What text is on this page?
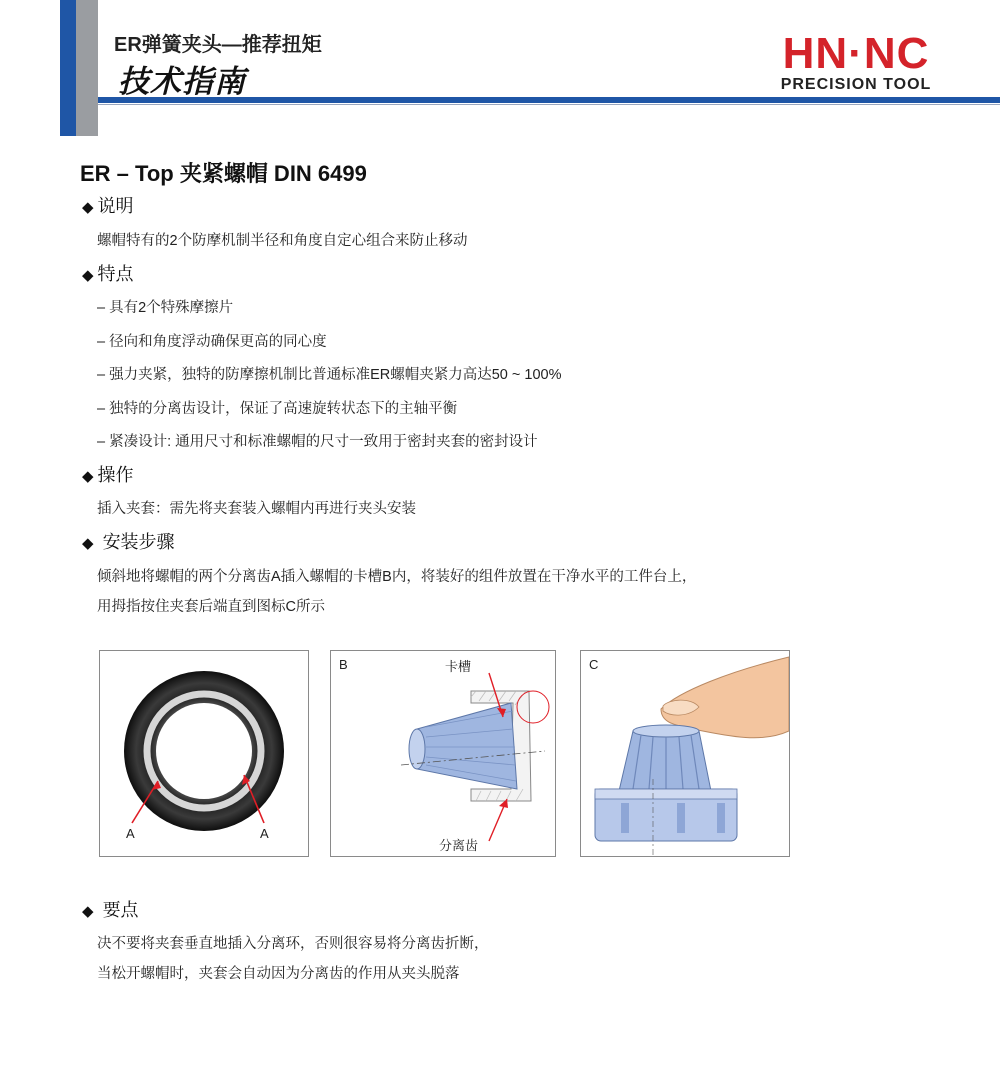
ER弹簧夹头—推荐扭矩
技术指南
HN·NC
PRECISION TOOL
ER – Top 夹紧螺帽 DIN 6499
◆ 说明
螺帽特有的2个防摩机制半径和角度自定心组合来防止移动
◆ 特点
– 具有2个特殊摩擦片
– 径向和角度浮动确保更高的同心度
– 强力夹紧，独特的防摩擦机制比普通标准ER螺帽夹紧力高达50 ~ 100%
– 独特的分离齿设计，保证了高速旋转状态下的主轴平衡
– 紧凑设计: 通用尺寸和标准螺帽的尺寸一致用于密封夹套的密封设计
◆ 操作
插入夹套：需先将夹套装入螺帽内再进行夹头安装
◆ 安装步骤
倾斜地将螺帽的两个分离齿A插入螺帽的卡槽B内，将装好的组件放置在干净水平的工件台上，
用拇指按住夹套后端直到图标C所示
A	A
B	卡槽
分离齿
C
◆ 要点
决不要将夹套垂直地插入分离环，否则很容易将分离齿折断，
当松开螺帽时，夹套会自动因为分离齿的作用从夹头脱落
